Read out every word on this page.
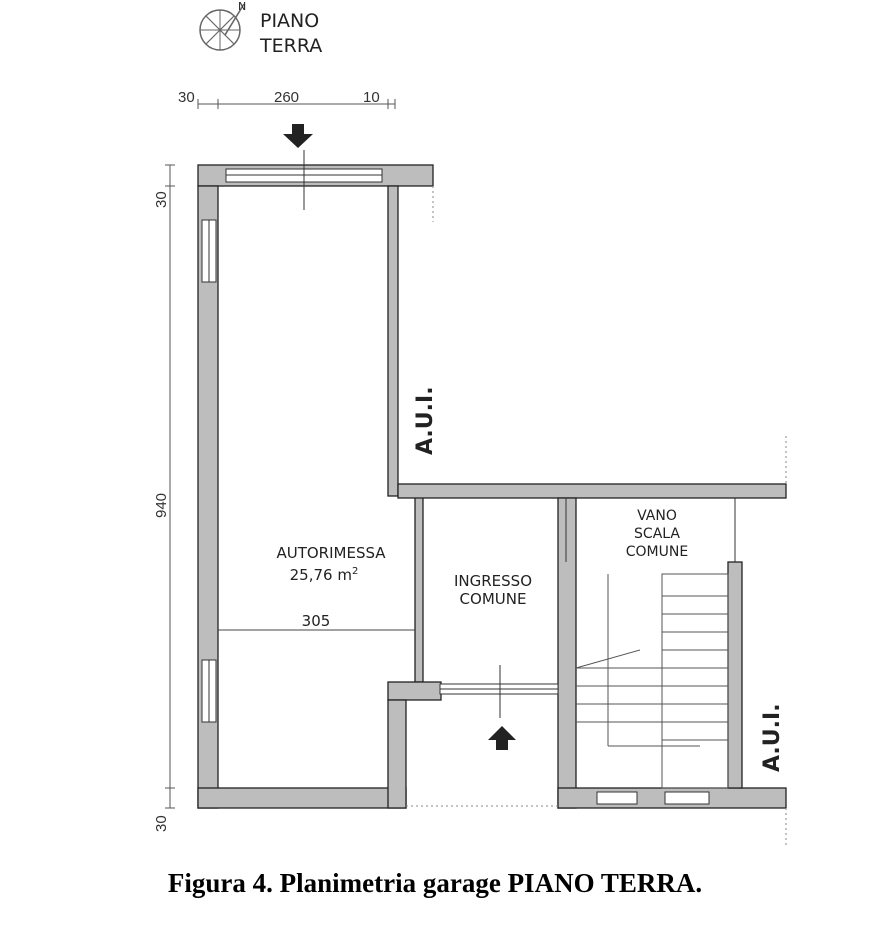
N
PIANO
TERRA
30	260	10
30
940
30
AUTORIMESSA
25,76 $m^2$
305
INGRESSO
COMUNE
VANO
SCALA
COMUNE
A.U.I.
A.U.I.
Figura 4. Planimetria garage PIANO TERRA.
